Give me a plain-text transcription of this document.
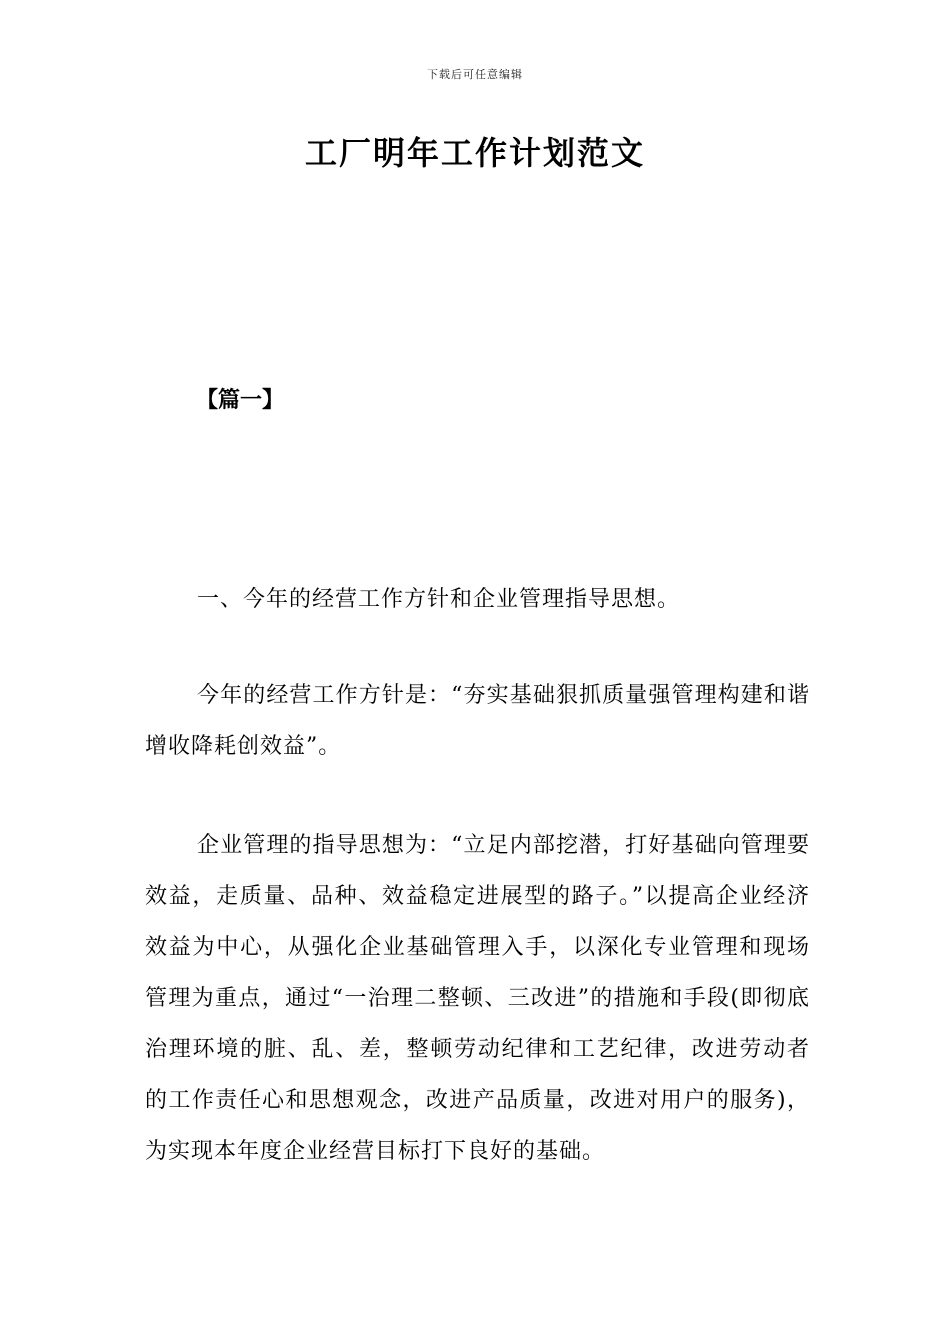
下载后可任意编辑
工厂明年工作计划范文
【篇一】

一、今年的经营工作方针和企业管理指导思想。

今年的经营工作方针是：“夯实基础狠抓质量强管理构建和谐增收降耗创效益”。

企业管理的指导思想为：“立足内部挖潜，打好基础向管理要效益，走质量、品种、效益稳定进展型的路子。”以提高企业经济效益为中心，从强化企业基础管理入手，以深化专业管理和现场管理为重点，通过“一治理二整顿、三改进”的措施和手段(即彻底治理环境的脏、乱、差，整顿劳动纪律和工艺纪律，改进劳动者的工作责任心和思想观念，改进产品质量，改进对用户的服务)，为实现本年度企业经营目标打下良好的基础。
